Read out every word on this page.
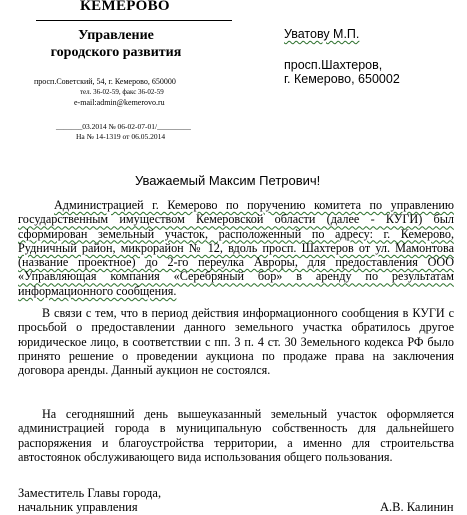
КЕМЕРОВО
Управление
городского развития
просп.Советский, 54, г. Кемерово, 650000
тел. 36-02-59, факс 36-02-59
e-mail:admin@kemerovo.ru
_______03.2014 № 06-02-07-01/_________
На № 14-1319 от 06.05.2014
Уватову М.П.
просп.Шахтеров,
г. Кемерово, 650002
Уважаемый Максим Петрович!
Администрацией г. Кемерово по поручению комитета по управлению государственным имуществом Кемеровской области (далее - КУГИ) был сформирован земельный участок, расположенный по адресу: г. Кемерово, Рудничный район, микрорайон № 12, вдоль просп. Шахтеров от ул. Мамонтова (название проектное) до 2-го переулка Авроры, для предоставления ООО «Управляющая компания «Серебряный бор» в аренду по результатам информационного сообщения.
В связи с тем, что в период действия информационного сообщения в КУГИ с просьбой о предоставлении данного земельного участка обратилось другое юридическое лицо, в соответствии с пп. 3 п. 4 ст. 30 Земельного кодекса РФ было принято решение о проведении аукциона по продаже права на заключения договора аренды. Данный аукцион не состоялся.
На сегодняшний день вышеуказанный земельный участок оформляется администрацией города в муниципальную собственность для дальнейшего распоряжения и благоустройства территории, а именно для строительства автостоянок обслуживающего вида использования общего пользования.
Заместитель Главы города,
начальник управления	А.В. Калинин
